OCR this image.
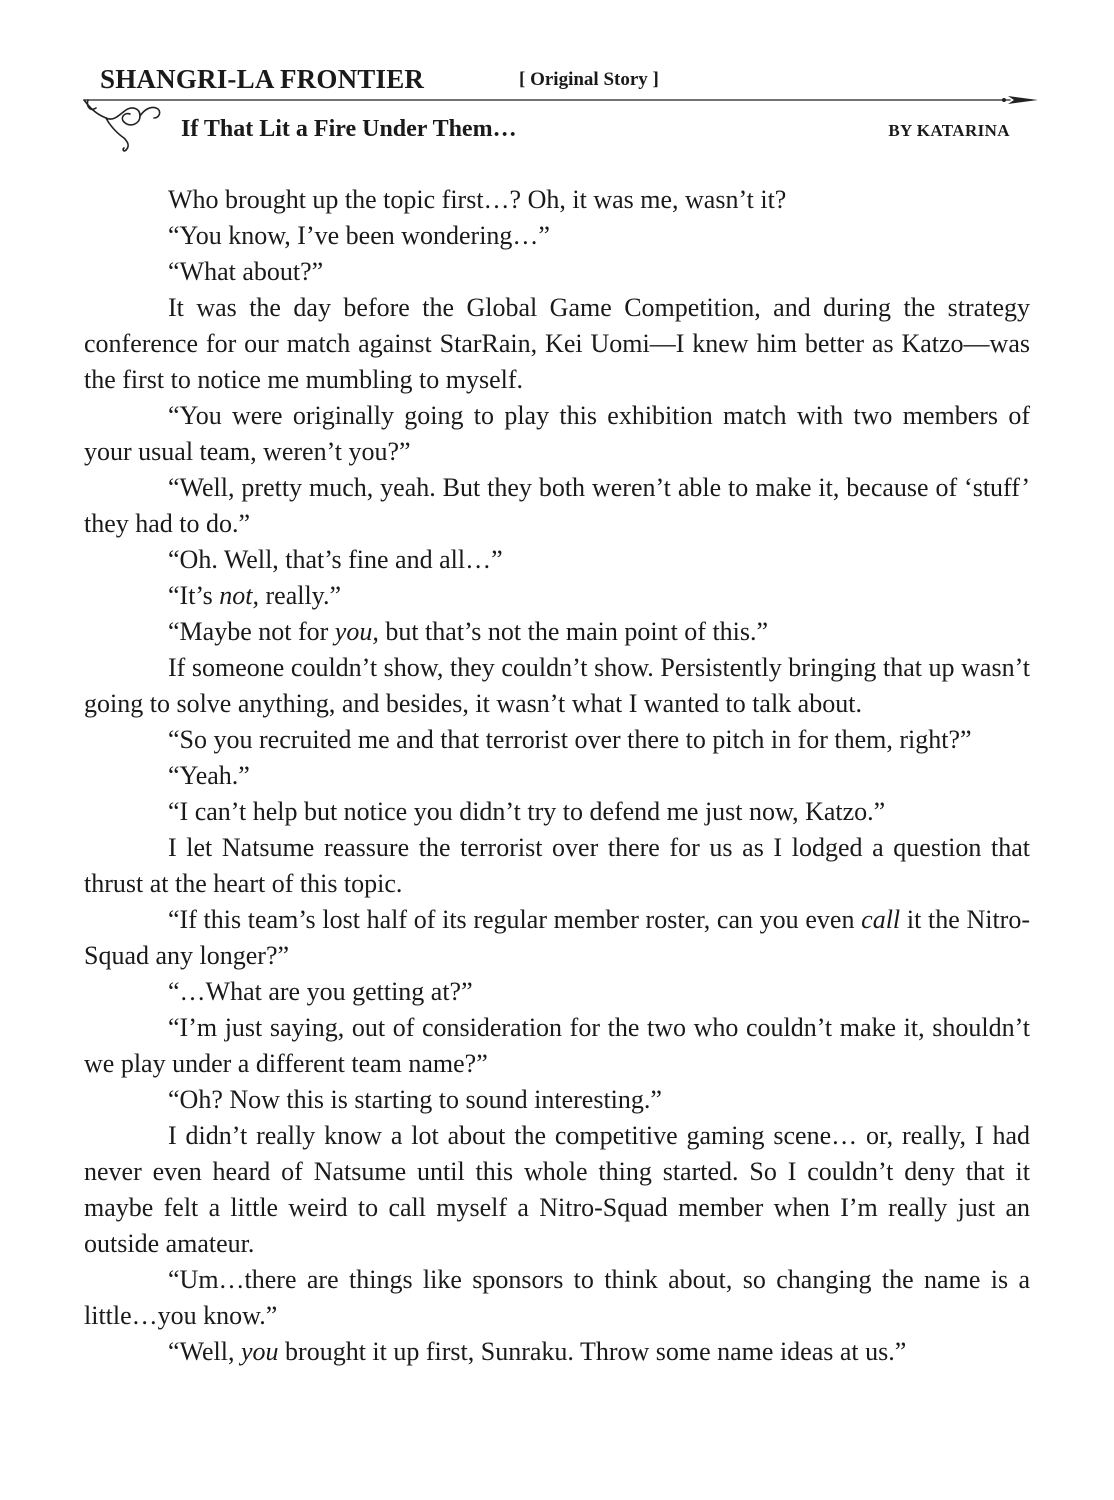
SHANGRI-LA FRONTIER	[ Original Story ]
If That Lit a Fire Under Them…	BY KATARINA

Who brought up the topic first…? Oh, it was me, wasn’t it?

“You know, I’ve been wondering…”

“What about?”

It was the day before the Global Game Competition, and during the strategy conference for our match against StarRain, Kei Uomi—I knew him better as Katzo—was the first to notice me mumbling to myself.

“You were originally going to play this exhibition match with two members of your usual team, weren’t you?”

“Well, pretty much, yeah. But they both weren’t able to make it, because of ‘stuff’ they had to do.”

“Oh. Well, that’s fine and all…”

“It’s not, really.”

“Maybe not for you, but that’s not the main point of this.”

If someone couldn’t show, they couldn’t show. Persistently bringing that up wasn’t going to solve anything, and besides, it wasn’t what I wanted to talk about.

“So you recruited me and that terrorist over there to pitch in for them, right?”

“Yeah.”

“I can’t help but notice you didn’t try to defend me just now, Katzo.”

I let Natsume reassure the terrorist over there for us as I lodged a question that thrust at the heart of this topic.

“If this team’s lost half of its regular member roster, can you even call it the Nitro-Squad any longer?”

“…What are you getting at?”

“I’m just saying, out of consideration for the two who couldn’t make it, shouldn’t we play under a different team name?”

“Oh? Now this is starting to sound interesting.”

I didn’t really know a lot about the competitive gaming scene… or, really, I had never even heard of Natsume until this whole thing started. So I couldn’t deny that it maybe felt a little weird to call myself a Nitro-Squad member when I’m really just an outside amateur.

“Um…there are things like sponsors to think about, so changing the name is a little…you know.”

“Well, you brought it up first, Sunraku. Throw some name ideas at us.”
